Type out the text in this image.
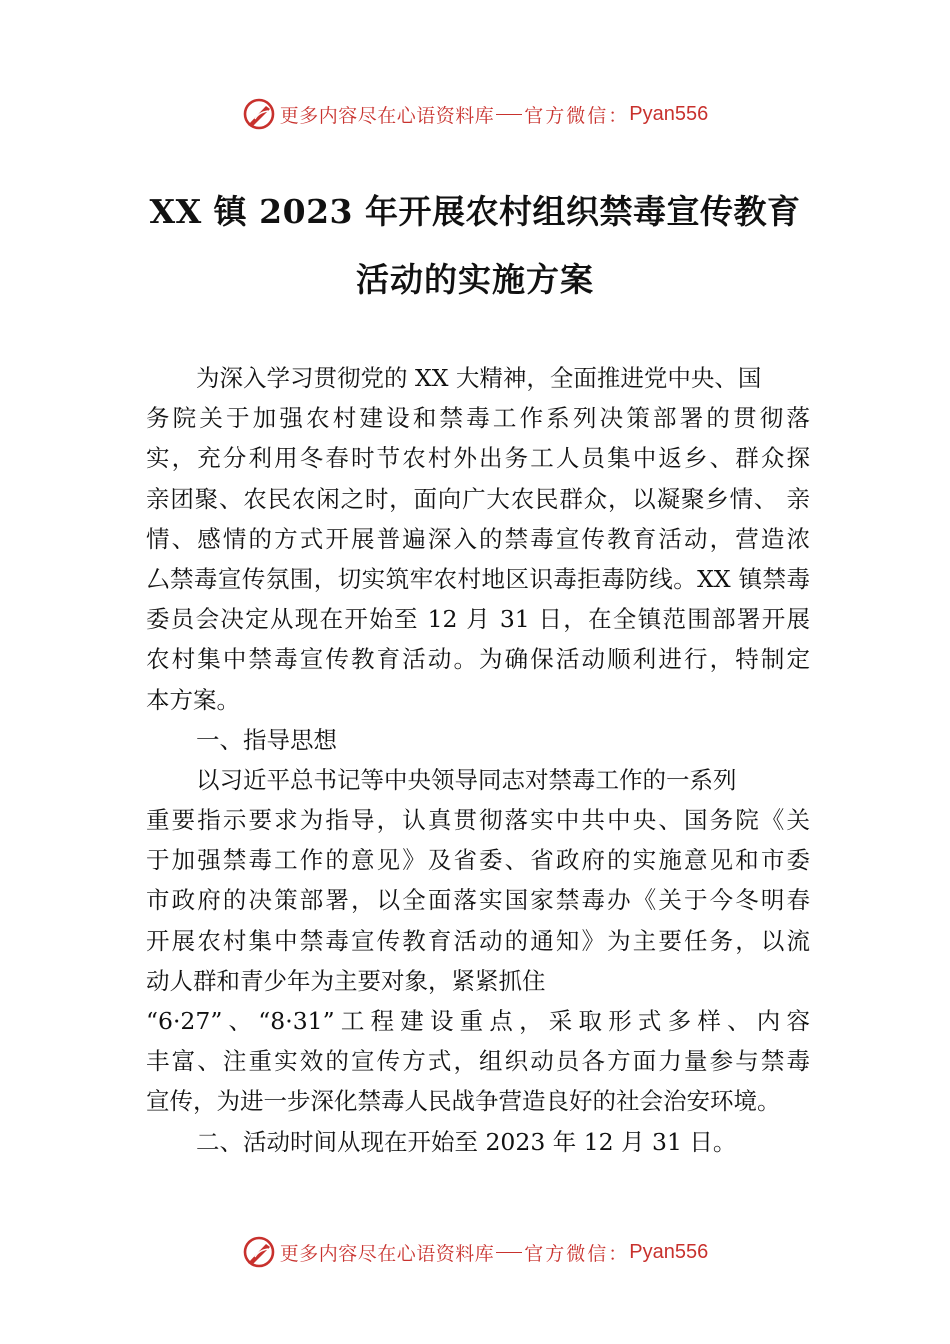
更多内容尽在心语资料库 官方微信： Pyan556
XX 镇 2023 年开展农村组织禁毒宣传教育
活动的实施方案
为深入学习贯彻党的 XX 大精神，全面推进党中央、国
务院关于加强农村建设和禁毒工作系列决策部署的贯彻落
实，充分利用冬春时节农村外出务工人员集中返乡、群众探
亲团聚、农民农闲之时，面向广大农民群众，以凝聚乡情、 亲
情、感情的方式开展普遍深入的禁毒宣传教育活动，营造浓
厶禁毒宣传氛围，切实筑牢农村地区识毒拒毒防线。XX 镇禁毒
委员会决定从现在开始至 12 月 31 日，在全镇范围部署开展
农村集中禁毒宣传教育活动。为确保活动顺利进行，特制定
本方案。
一、指导思想
以习近平总书记等中央领导同志对禁毒工作的一系列
重要指示要求为指导，认真贯彻落实中共中央、国务院《关
于加强禁毒工作的意见》及省委、省政府的实施意见和市委
市政府的决策部署，以全面落实国家禁毒办《关于今冬明春
开展农村集中禁毒宣传教育活动的通知》为主要任务，以流
动人群和青少年为主要对象，紧紧抓住
“6·27”、“8·31”工程建设重点，采取形式多样、内容
丰富、注重实效的宣传方式，组织动员各方面力量参与禁毒
宣传，为进一步深化禁毒人民战争营造良好的社会治安环境。
二、活动时间从现在开始至 2023 年 12 月 31 日。
更多内容尽在心语资料库 官方微信： Pyan556
